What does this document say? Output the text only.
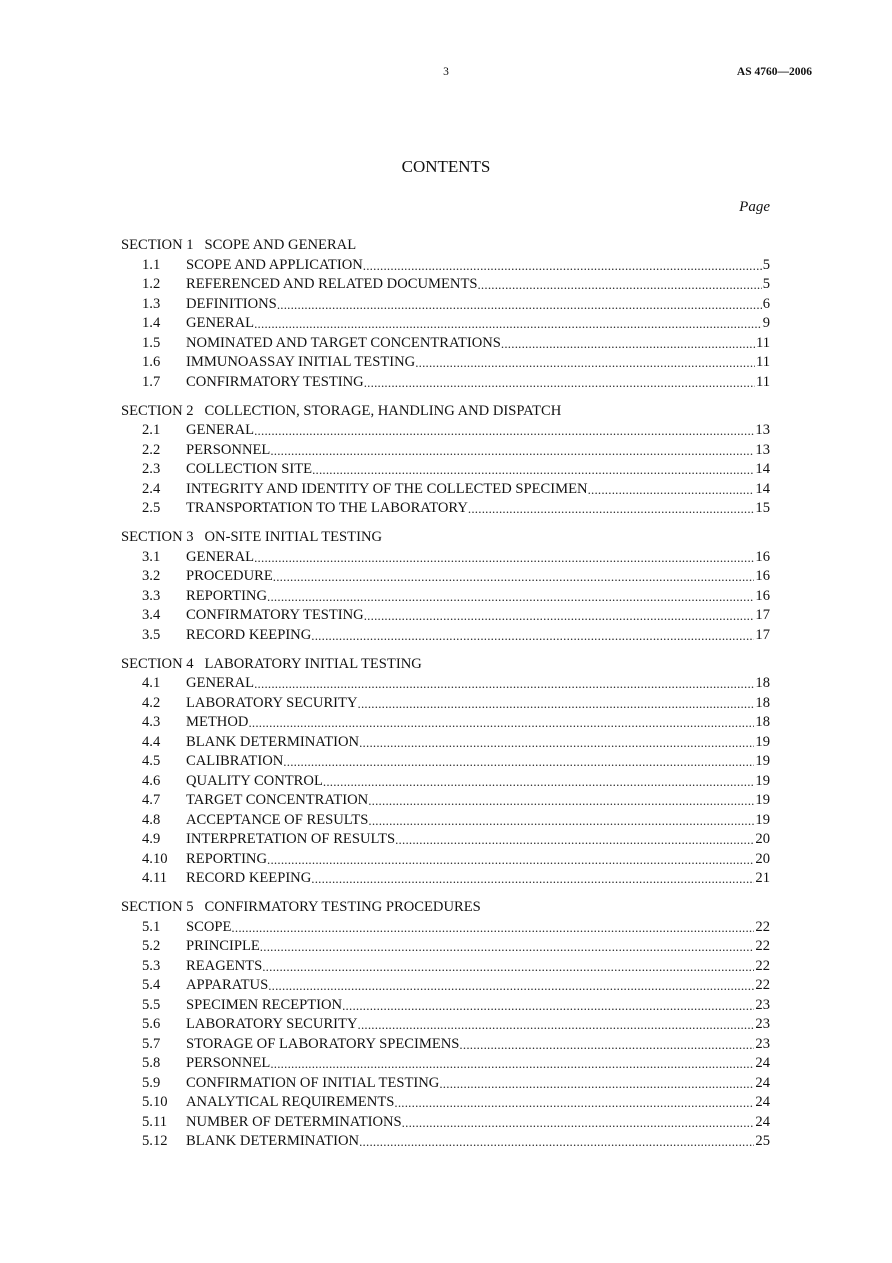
3	AS 4760—2006
CONTENTS
Page
SECTION 1   SCOPE AND GENERAL
1.1	SCOPE AND APPLICATION .....	5
1.2	REFERENCED AND RELATED DOCUMENTS .....	5
1.3	DEFINITIONS .....	6
1.4	GENERAL .....	9
1.5	NOMINATED AND TARGET CONCENTRATIONS .....	11
1.6	IMMUNOASSAY INITIAL TESTING .....	11
1.7	CONFIRMATORY TESTING .....	11
SECTION 2   COLLECTION, STORAGE, HANDLING AND DISPATCH
2.1	GENERAL .....	13
2.2	PERSONNEL .....	13
2.3	COLLECTION SITE .....	14
2.4	INTEGRITY AND IDENTITY OF THE COLLECTED SPECIMEN .....	14
2.5	TRANSPORTATION TO THE LABORATORY .....	15
SECTION 3   ON-SITE INITIAL TESTING
3.1	GENERAL .....	16
3.2	PROCEDURE .....	16
3.3	REPORTING .....	16
3.4	CONFIRMATORY TESTING .....	17
3.5	RECORD KEEPING .....	17
SECTION 4   LABORATORY INITIAL TESTING
4.1	GENERAL .....	18
4.2	LABORATORY SECURITY .....	18
4.3	METHOD .....	18
4.4	BLANK DETERMINATION .....	19
4.5	CALIBRATION .....	19
4.6	QUALITY CONTROL .....	19
4.7	TARGET CONCENTRATION .....	19
4.8	ACCEPTANCE OF RESULTS .....	19
4.9	INTERPRETATION OF RESULTS .....	20
4.10	REPORTING .....	20
4.11	RECORD KEEPING .....	21
SECTION 5   CONFIRMATORY TESTING PROCEDURES
5.1	SCOPE .....	22
5.2	PRINCIPLE .....	22
5.3	REAGENTS .....	22
5.4	APPARATUS .....	22
5.5	SPECIMEN RECEPTION .....	23
5.6	LABORATORY SECURITY .....	23
5.7	STORAGE OF LABORATORY SPECIMENS .....	23
5.8	PERSONNEL .....	24
5.9	CONFIRMATION OF INITIAL TESTING .....	24
5.10	ANALYTICAL REQUIREMENTS .....	24
5.11	NUMBER OF DETERMINATIONS .....	24
5.12	BLANK DETERMINATION .....	25
